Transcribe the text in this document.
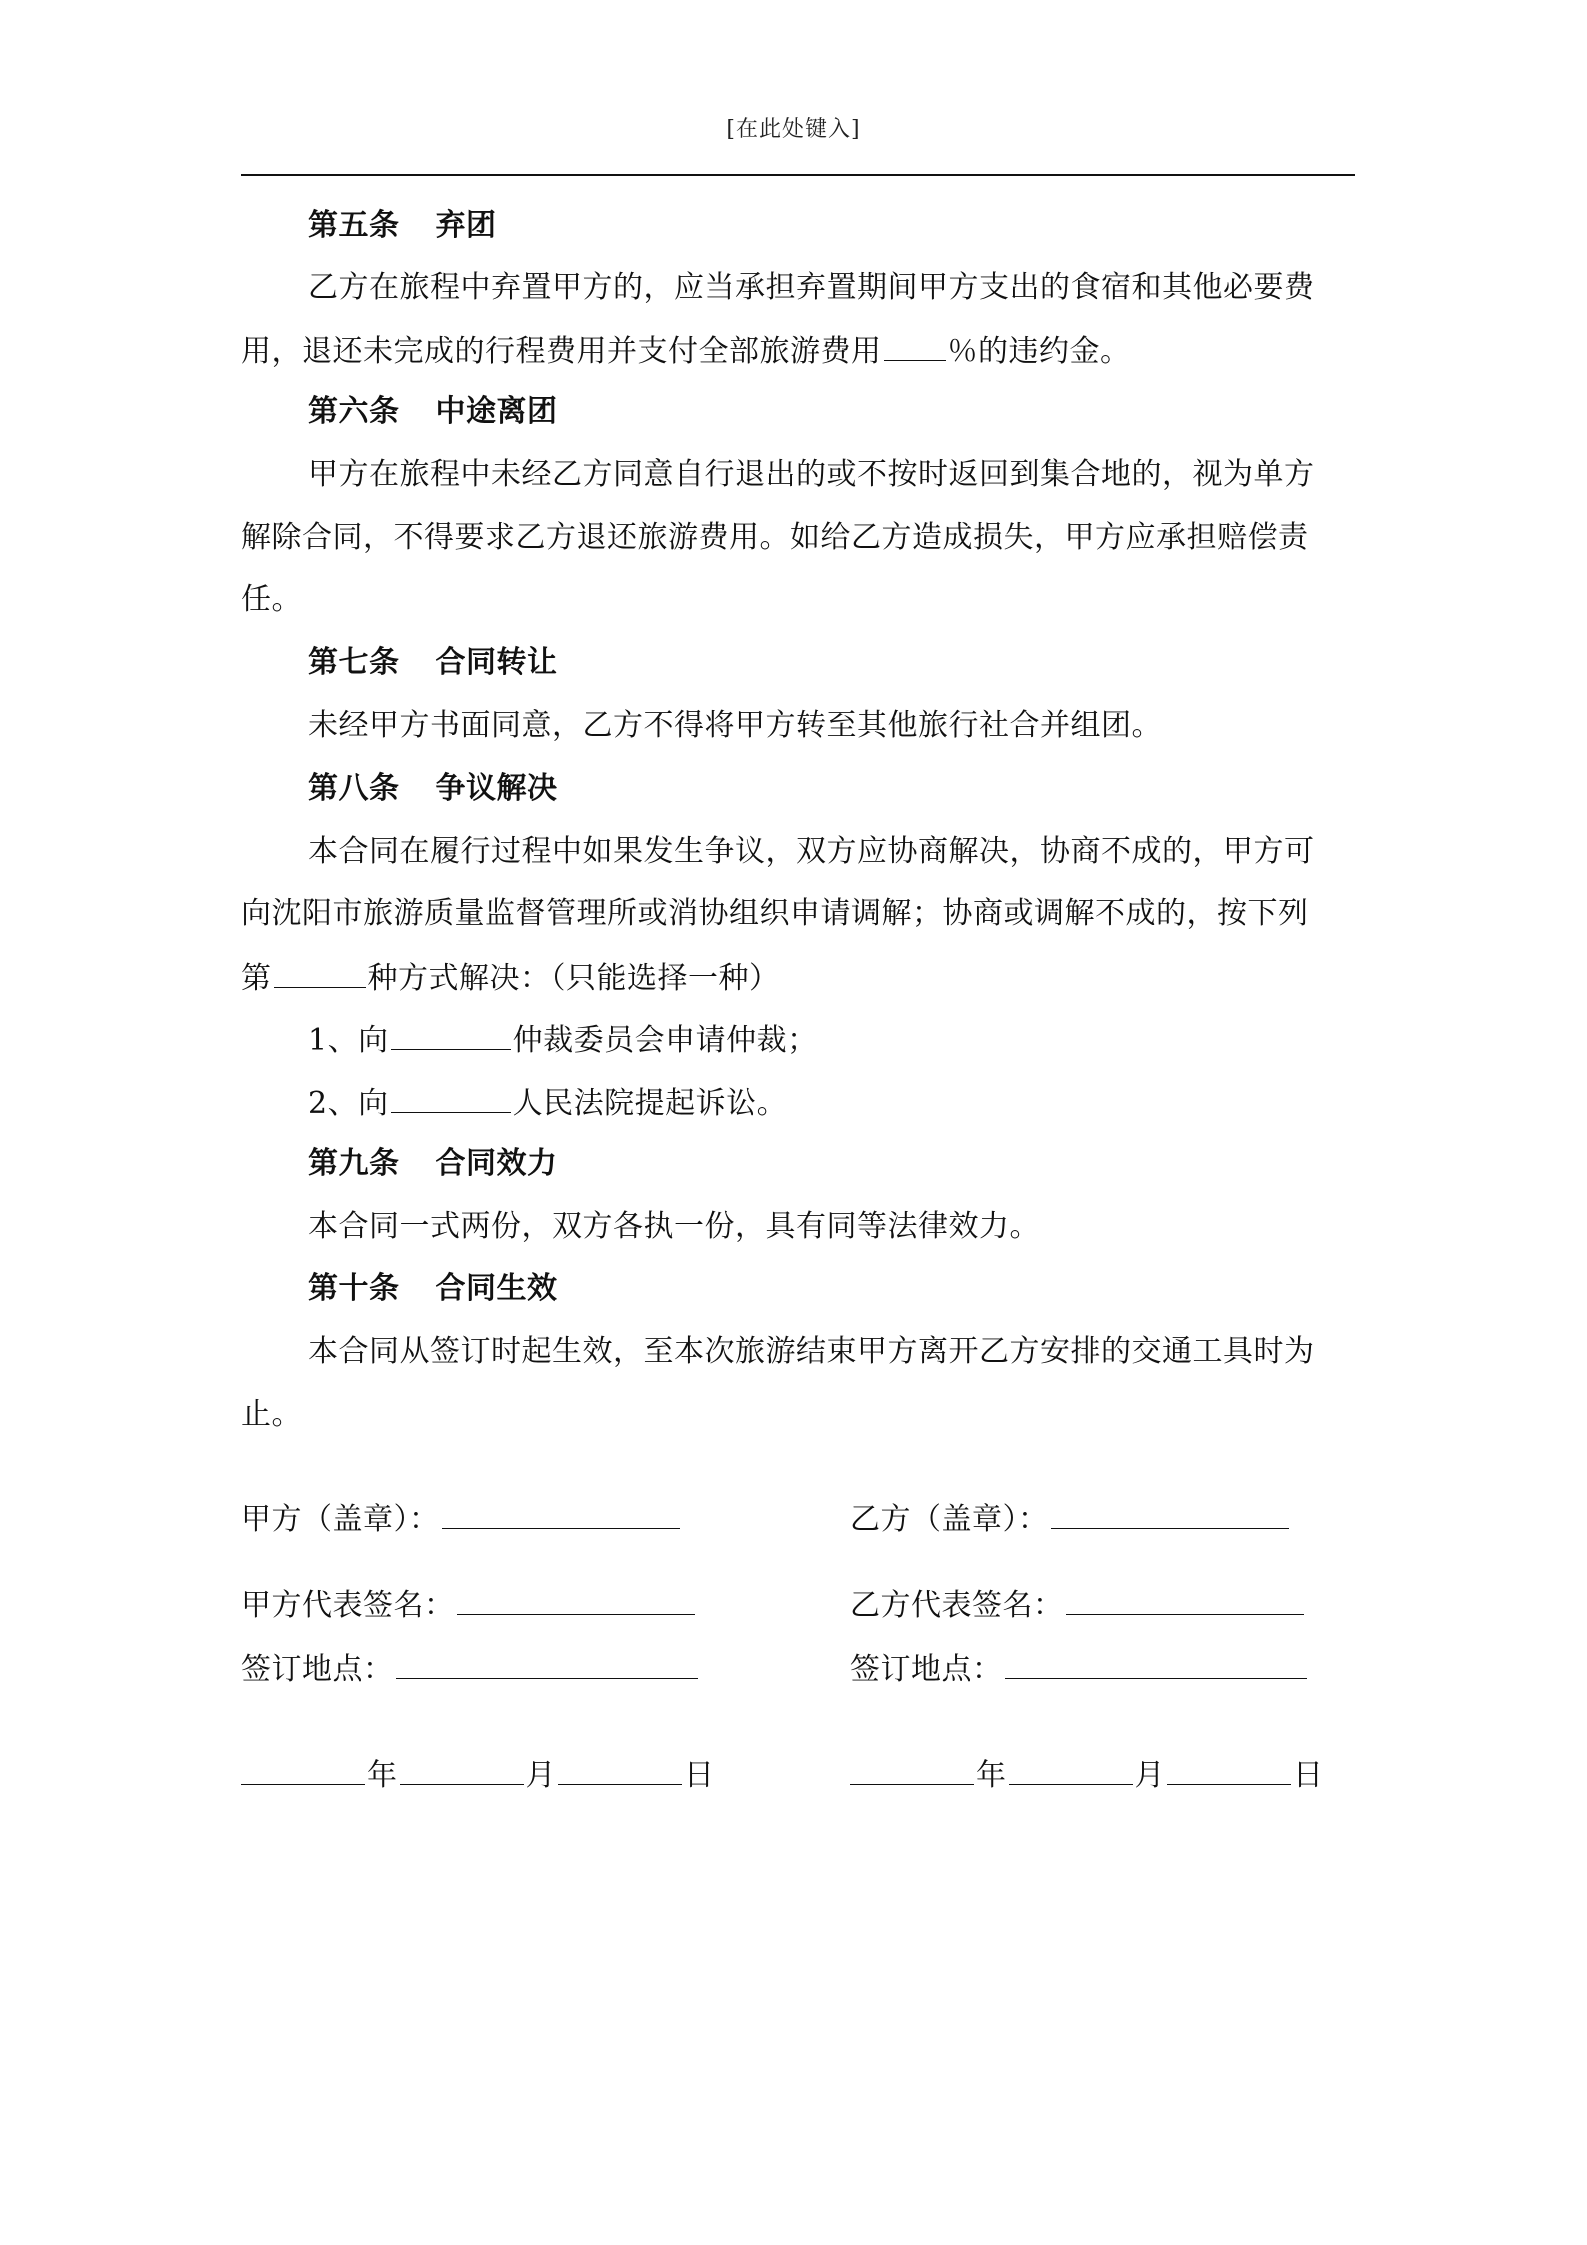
[在此处键入]
第五条 弃团
乙方在旅程中弃置甲方的，应当承担弃置期间甲方支出的食宿和其他必要费
用，退还未完成的行程费用并支付全部旅游费用 ％的违约金。
第六条 中途离团
甲方在旅程中未经乙方同意自行退出的或不按时返回到集合地的，视为单方
解除合同，不得要求乙方退还旅游费用。如给乙方造成损失，甲方应承担赔偿责
任。
第七条 合同转让
未经甲方书面同意，乙方不得将甲方转至其他旅行社合并组团。
第八条 争议解决
本合同在履行过程中如果发生争议，双方应协商解决，协商不成的，甲方可
向沈阳市旅游质量监督管理所或消协组织申请调解；协商或调解不成的，按下列
第	种方式解决：（只能选择一种）
1、向	仲裁委员会申请仲裁；
2、向	人民法院提起诉讼。
第九条 合同效力
本合同一式两份，双方各执一份，具有同等法律效力。
第十条 合同生效
本合同从签订时起生效，至本次旅游结束甲方离开乙方安排的交通工具时为
止。
甲方（盖章）：	乙方（盖章）：
甲方代表签名：	乙方代表签名：
签订地点：	签订地点：
年	月	日	年	月	日
